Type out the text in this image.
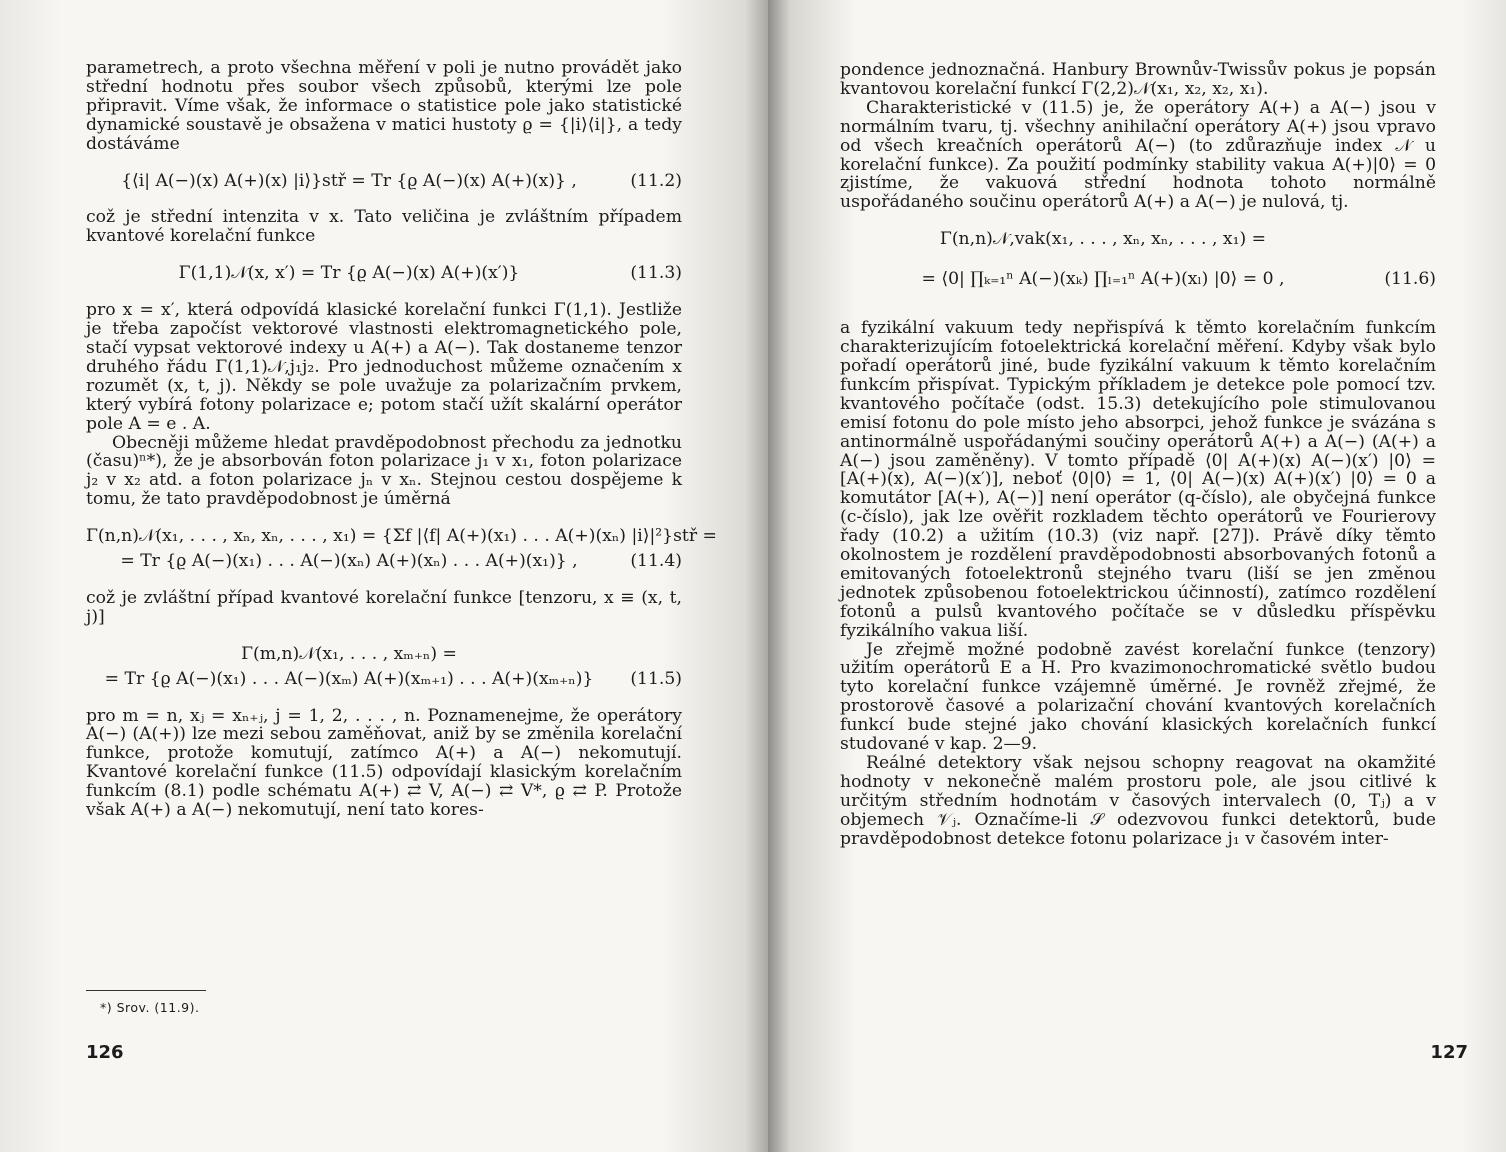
parametrech, a proto všechna měření v poli je nutno provádět jako střední hodnotu přes soubor všech způsobů, kterými lze pole připravit. Víme však, že informace o statistice pole jako statistické dynamické soustavě je obsažena v matici hustoty ϱ = {|i⟩⟨i|}, a tedy dostáváme

{⟨i| A(−)(x) A(+)(x) |i⟩}stř = Tr {ϱ A(−)(x) A(+)(x)} ,	(11.2)

což je střední intenzita v x. Tato veličina je zvláštním případem kvantové korelační funkce

Γ(1,1)𝒩(x, x′) = Tr {ϱ A(−)(x) A(+)(x′)}	(11.3)

pro x = x′, která odpovídá klasické korelační funkci Γ(1,1). Jestliže je třeba započíst vektorové vlastnosti elektromagnetického pole, stačí vypsat vektorové indexy u A(+) a A(−). Tak dostaneme tenzor druhého řádu Γ(1,1)𝒩,j₁j₂. Pro jednoduchost můžeme označením x rozumět (x, t, j). Někdy se pole uvažuje za polarizačním prvkem, který vybírá fotony polarizace e; potom stačí užít skalární operátor pole A = e . A.

Obecněji můžeme hledat pravděpodobnost přechodu za jednotku (času)ⁿ*), že je absorbován foton polarizace j₁ v x₁, foton polarizace j₂ v x₂ atd. a foton polarizace jₙ v xₙ. Stejnou cestou dospějeme k tomu, že tato pravděpodobnost je úměrná

Γ(n,n)𝒩(x₁, . . . , xₙ, xₙ, . . . , x₁) = {Σf |⟨f| A(+)(x₁) . . . A(+)(xₙ) |i⟩|²}stř =
= Tr {ϱ A(−)(x₁) . . . A(−)(xₙ) A(+)(xₙ) . . . A(+)(x₁)} ,	(11.4)

což je zvláštní případ kvantové korelační funkce [tenzoru, x ≡ (x, t, j)]

Γ(m,n)𝒩(x₁, . . . , xₘ₊ₙ) =
= Tr {ϱ A(−)(x₁) . . . A(−)(xₘ) A(+)(xₘ₊₁) . . . A(+)(xₘ₊ₙ)}	(11.5)

pro m = n, xⱼ = xₙ₊ⱼ, j = 1, 2, . . . , n. Poznamenejme, že operátory A(−) (A(+)) lze mezi sebou zaměňovat, aniž by se změnila korelační funkce, protože komutují, zatímco A(+) a A(−) nekomutují. Kvantové korelační funkce (11.5) odpovídají klasickým korelačním funkcím (8.1) podle schématu A(+) ⇄ V, A(−) ⇄ V*, ϱ ⇄ P. Protože však A(+) a A(−) nekomutují, není tato kores-

*) Srov. (11.9).
126

pondence jednoznačná. Hanbury Brownův-Twissův pokus je popsán kvantovou korelační funkcí Γ(2,2)𝒩(x₁, x₂, x₂, x₁).

Charakteristické v (11.5) je, že operátory A(+) a A(−) jsou v normálním tvaru, tj. všechny anihilační operátory A(+) jsou vpravo od všech kreačních operátorů A(−) (to zdůrazňuje index 𝒩 u korelační funkce). Za použití podmínky stability vakua A(+)|0⟩ = 0 zjistíme, že vakuová střední hodnota tohoto normálně uspořádaného součinu operátorů A(+) a A(−) je nulová, tj.

Γ(n,n)𝒩,vak(x₁, . . . , xₙ, xₙ, . . . , x₁) =
= ⟨0| ∏ₖ₌₁ⁿ A(−)(xₖ) ∏ₗ₌₁ⁿ A(+)(xₗ) |0⟩ = 0 ,	(11.6)

a fyzikální vakuum tedy nepřispívá k těmto korelačním funkcím charakterizujícím fotoelektrická korelační měření. Kdyby však bylo pořadí operátorů jiné, bude fyzikální vakuum k těmto korelačním funkcím přispívat. Typickým příkladem je detekce pole pomocí tzv. kvantového počítače (odst. 15.3) detekujícího pole stimulovanou emisí fotonu do pole místo jeho absorpci, jehož funkce je svázána s antinormálně uspořádanými součiny operátorů A(+) a A(−) (A(+) a A(−) jsou zaměněny). V tomto případě ⟨0| A(+)(x) A(−)(x′) |0⟩ = [A(+)(x), A(−)(x′)], neboť ⟨0|0⟩ = 1, ⟨0| A(−)(x) A(+)(x′) |0⟩ = 0 a komutátor [A(+), A(−)] není operátor (q-číslo), ale obyčejná funkce (c-číslo), jak lze ověřit rozkladem těchto operátorů ve Fourierovy řady (10.2) a užitím (10.3) (viz např. [27]). Právě díky těmto okolnostem je rozdělení pravděpodobnosti absorbovaných fotonů a emitovaných fotoelektronů stejného tvaru (liší se jen změnou jednotek způsobenou fotoelektrickou účinností), zatímco rozdělení fotonů a pulsů kvantového počítače se v důsledku příspěvku fyzikálního vakua liší.

Je zřejmě možné podobně zavést korelační funkce (tenzory) užitím operátorů E a H. Pro kvazimonochromatické světlo budou tyto korelační funkce vzájemně úměrné. Je rovněž zřejmé, že prostorově časové a polarizační chování kvantových korelačních funkcí bude stejné jako chování klasických korelačních funkcí studované v kap. 2—9.

Reálné detektory však nejsou schopny reagovat na okamžité hodnoty v nekonečně malém prostoru pole, ale jsou citlivé k určitým středním hodnotám v časových intervalech (0, Tⱼ) a v objemech 𝒱ⱼ. Označíme-li 𝒮 odezvovou funkci detektorů, bude pravděpodobnost detekce fotonu polarizace j₁ v časovém inter-

127
